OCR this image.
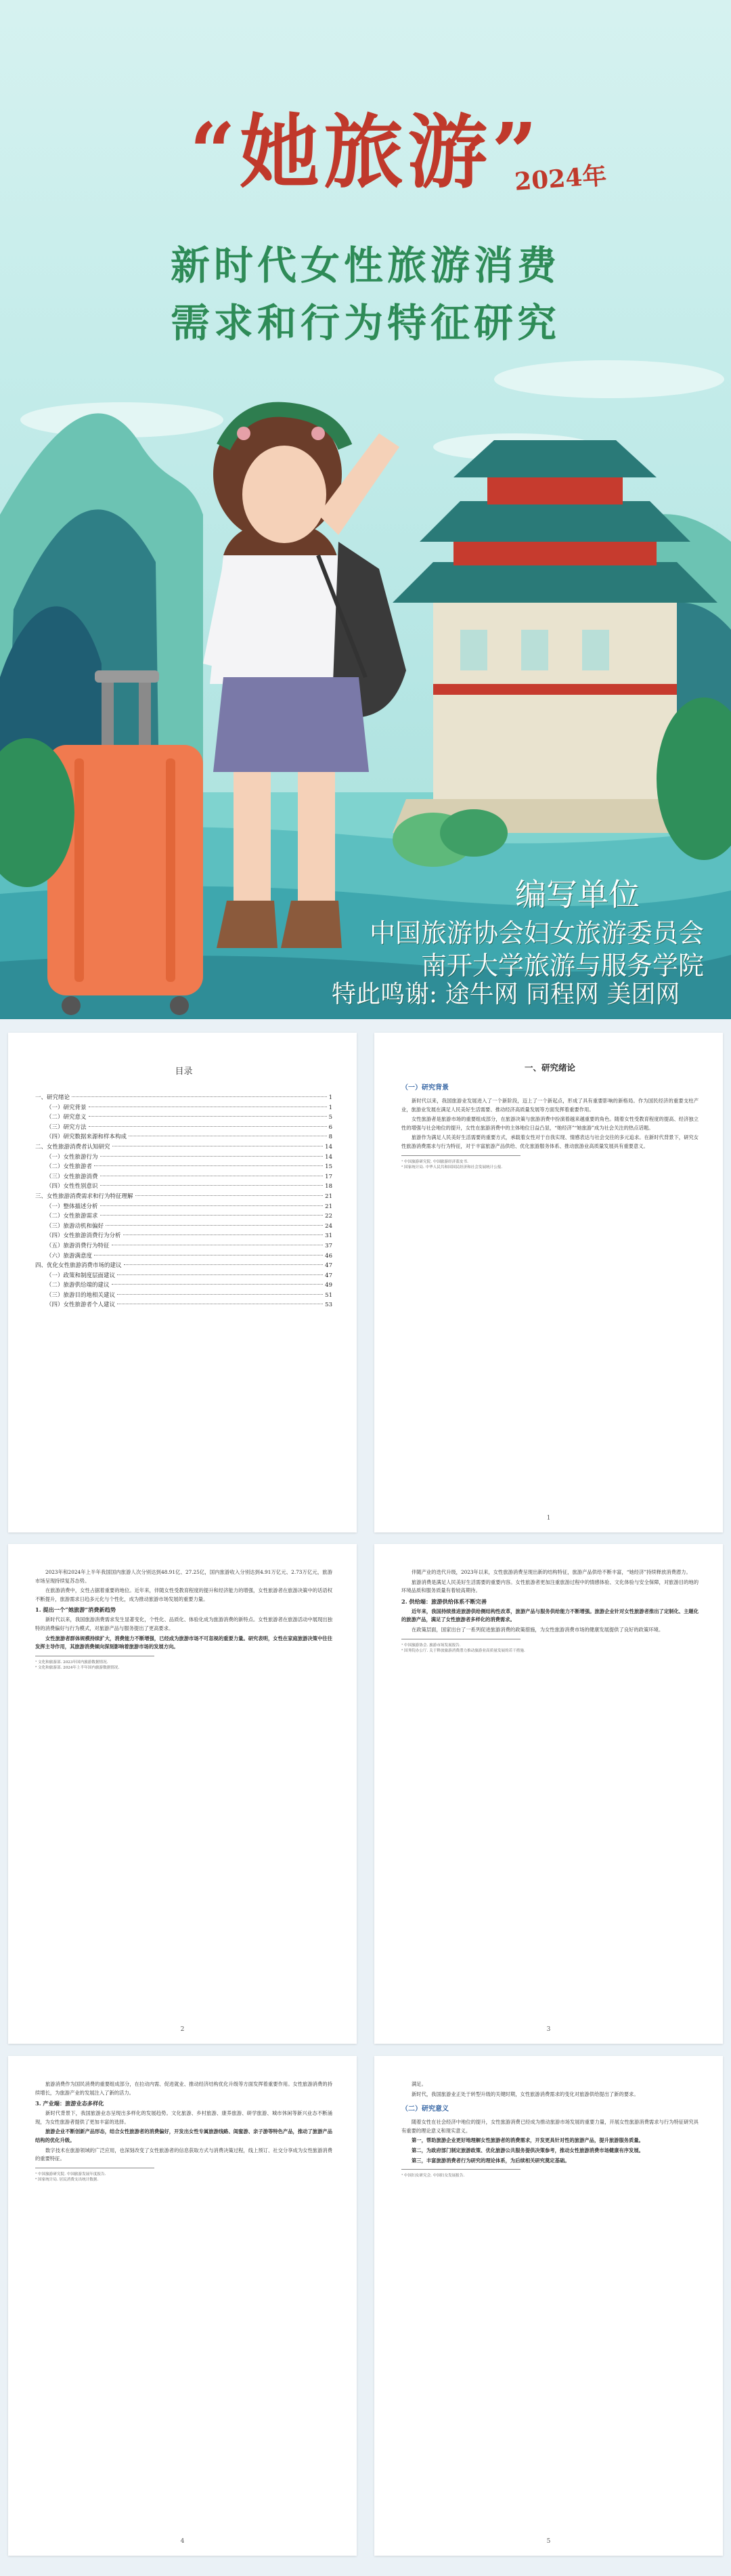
“她旅游”
2024年
新时代女性旅游消费
需求和行为特征研究

编写单位

中国旅游协会妇女旅游委员会

南开大学旅游与服务学院

特此鸣谢: 途牛网 同程网 美团网

目录
一、研究绪论	1
（一）研究背景	1
（二）研究意义	5
（三）研究方法	6
（四）研究数据来源和样本构成	8
二、女性旅游消费者认知研究	14
（一）女性旅游行为	14
（二）女性旅游者	15
（三）女性旅游消费	17
（四）女性性别意识	18
三、女性旅游消费需求和行为特征理解	21
（一）整体描述分析	21
（二）女性旅游需求	22
（三）旅游动机和偏好	24
（四）女性旅游消费行为分析	31
（五）旅游消费行为特征	37
（六）旅游满意度	46
四、优化女性旅游消费市场的建议	47
（一）政策和制度层面建议	47
（二）旅游供给端的建议	49
（三）旅游目的地相关建议	51
（四）女性旅游者个人建议	53
一、研究绪论
（一）研究背景

新时代以来，我国旅游业发展进入了一个新阶段，迈上了一个新起点，形成了具有重要影响的新格局。作为国民经济的重要支柱产业，旅游业发展在满足人民美好生活需要、推动经济高质量发展等方面发挥着重要作用。

女性旅游者是旅游市场的重要组成部分，在旅游决策与旅游消费中扮演着越来越重要的角色。随着女性受教育程度的提高、经济独立性的增强与社会地位的提升，女性在旅游消费中的主体地位日益凸显，“她经济”“她旅游”成为社会关注的热点话题。

旅游作为满足人民美好生活需要的重要方式，承载着女性对于自我实现、情感表达与社会交往的多元追求。在新时代背景下，研究女性旅游消费需求与行为特征，对于丰富旅游产品供给、优化旅游服务体系、推动旅游业高质量发展具有重要意义。

¹ 中国旅游研究院. 中国旅游经济蓝皮书.

² 国家统计局. 中华人民共和国国民经济和社会发展统计公报.

1

2023年和2024年上半年我国国内旅游人次分别达到48.91亿、27.25亿，国内旅游收入分别达到4.91万亿元、2.73万亿元，旅游市场呈现持续复苏态势。

在旅游消费中，女性占据着重要的地位。近年来，伴随女性受教育程度的提升和经济能力的增强，女性旅游者在旅游决策中的话语权不断提升，旅游需求日趋多元化与个性化，成为推动旅游市场发展的重要力量。

1. 提出一个“她旅游”消费新趋势

新时代以来，我国旅游消费需求发生显著变化，个性化、品质化、体验化成为旅游消费的新特点。女性旅游者在旅游活动中展现出独特的消费偏好与行为模式，对旅游产品与服务提出了更高要求。

女性旅游者群体规模持续扩大，消费能力不断增强，已经成为旅游市场不可忽视的重要力量。研究表明，女性在家庭旅游决策中往往发挥主导作用，其旅游消费倾向深刻影响着旅游市场的发展方向。

¹ 文化和旅游部. 2023年国内旅游数据情况.

² 文化和旅游部. 2024年上半年国内旅游数据情况.

2

伴随产业的迭代升级，2023年以来，女性旅游消费呈现出新的结构特征，旅游产品供给不断丰富，“她经济”持续释放消费潜力。

旅游消费是满足人民美好生活需要的重要内容。女性旅游者更加注重旅游过程中的情感体验、文化体验与安全保障，对旅游目的地的环境品质和服务质量有着较高期待。

2. 供给端：旅游供给体系不断完善

近年来，我国持续推进旅游供给侧结构性改革，旅游产品与服务供给能力不断增强。旅游企业针对女性旅游者推出了定制化、主题化的旅游产品，满足了女性旅游者多样化的消费需求。

在政策层面，国家出台了一系列促进旅游消费的政策措施，为女性旅游消费市场的健康发展提供了良好的政策环境。

¹ 中国旅游协会. 旅游市场发展报告.

² 国务院办公厅. 关于释放旅游消费潜力推动旅游业高质量发展的若干措施.

3

旅游消费作为国民消费的重要组成部分，在拉动内需、促进就业、推动经济结构优化升级等方面发挥着重要作用。女性旅游消费的持续增长，为旅游产业的发展注入了新的活力。

3. 产业端：旅游业态多样化

新时代背景下，我国旅游业态呈现出多样化的发展趋势。文化旅游、乡村旅游、康养旅游、研学旅游、城市休闲等新兴业态不断涌现，为女性旅游者提供了更加丰富的选择。

旅游企业不断创新产品形态，结合女性旅游者的消费偏好，开发出女性专属旅游线路、闺蜜游、亲子游等特色产品，推动了旅游产品结构的优化升级。

数字技术在旅游领域的广泛应用，也深刻改变了女性旅游者的信息获取方式与消费决策过程，线上预订、社交分享成为女性旅游消费的重要特征。

¹ 中国旅游研究院. 中国旅游发展年度报告.

² 国家统计局. 居民消费支出统计数据.

4

满足。

新时代，我国旅游业正处于转型升级的关键时期，女性旅游消费需求的变化对旅游供给提出了新的要求。

（二）研究意义

随着女性在社会经济中地位的提升，女性旅游消费已经成为推动旅游市场发展的重要力量，开展女性旅游消费需求与行为特征研究具有重要的理论意义和现实意义。

第一，帮助旅游企业更好地理解女性旅游者的消费需求，开发更具针对性的旅游产品，提升旅游服务质量。

第二，为政府部门制定旅游政策、优化旅游公共服务提供决策参考，推动女性旅游消费市场健康有序发展。

第三，丰富旅游消费者行为研究的理论体系，为后续相关研究奠定基础。

¹ 中国妇女研究会. 中国妇女发展报告.

5
